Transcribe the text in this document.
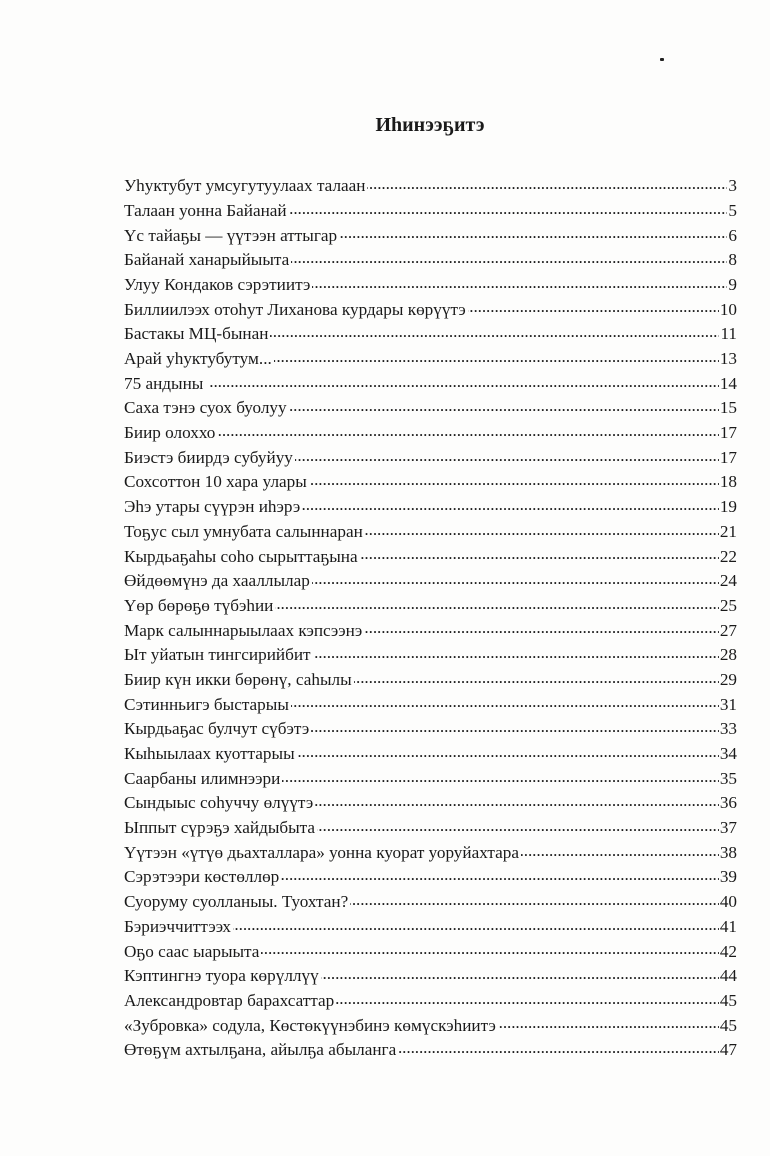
Иhинээҕитэ
Уhуктубут умсугутуулаах талаан . . .	3
Талаан уонна Байанай . . .	5
Үс тайаҕы — үүтээн аттыгар . . .	6
Байанай ханарыйыыта . . .	8
Улуу Кондаков сэрэтиитэ . . .	9
Биллиилээх отоhут Лиханова курдары көрүүтэ . . .	10
Бастакы МЦ-бынан . . .	11
Арай уhуктубутум... . . .	13
75 андыны . . .	14
Саха тэнэ суох буолуу . . .	15
Биир олоххо . . .	17
Биэстэ биирдэ субуйуу . . .	17
Сохсоттон 10 хара улары . . .	18
Эhэ утары сүүрэн иhэрэ . . .	19
Тоҕус сыл умнубата салыннаран . . .	21
Кырдьаҕаhы соhо сырыттаҕына . . .	22
Өйдөөмүнэ да хааллылар . . .	24
Үөр бөрөҕө түбэhии . . .	25
Марк салыннарыылаах кэпсээнэ . . .	27
Ыт уйатын тингсирийбит . . .	28
Биир күн икки бөрөнү, саhылы . . .	29
Сэтинньигэ быстарыы . . .	31
Кырдьаҕас булчут сүбэтэ . . .	33
Кыhыылаах куоттарыы . . .	34
Саарбаны илимнээри . . .	35
Сындыыс соhуччу өлүүтэ . . .	36
Ыппыт сүрэҕэ хайдыбыта . . .	37
Үүтээн «үтүө дьахталлара» уонна куорат уоруйахтара . . .	38
Сэрэтээри көстөллөр . . .	39
Суоруму суолланыы. Туохтан? . . .	40
Бэриэччиттээх . . .	41
Оҕо саас ыарыыта . . .	42
Кэптингнэ туора көрүллүү . . .	44
Александровтар барахсаттар . . .	45
«Зубровка» содула, Көстөкүүнэбинэ көмүскэhиитэ . . .	45
Өтөҕүм ахтылҕана, айылҕа абыланга . . .	47
